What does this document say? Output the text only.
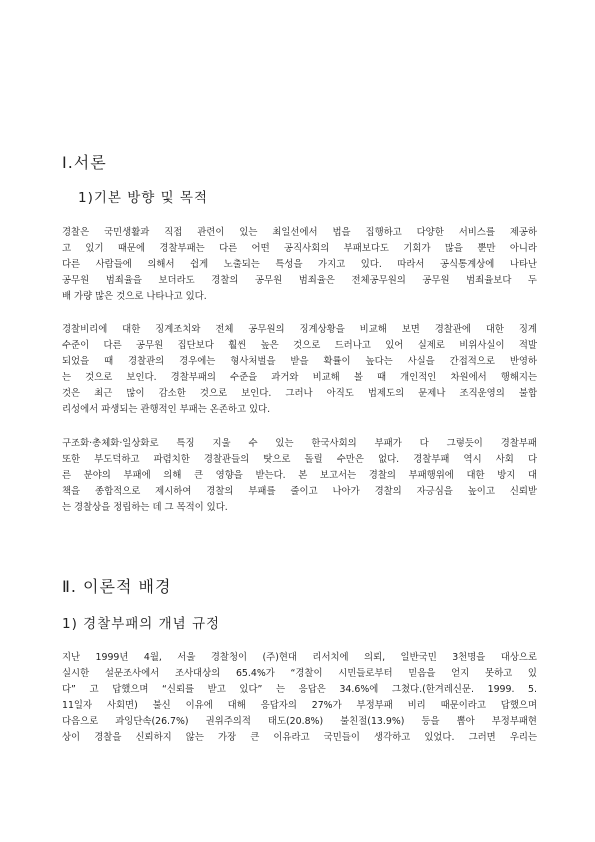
Ⅰ.서론
1)기본 방향 및 목적
경찰은 국민생활과 직접 관련이 있는 최일선에서 법을 집행하고 다양한 서비스를 제공하
고 있기 때문에 경찰부패는 다른 어떤 공직사회의 부패보다도 기회가 많을 뿐만 아니라
다른 사람들에 의해서 쉽게 노출되는 특성을 가지고 있다. 따라서 공식통계상에 나타난
공무원 범죄율을 보더라도 경찰의 공무원 범죄율은 전체공무원의 공무원 범죄율보다 두
배 가량 많은 것으로 나타나고 있다.
경찰비리에 대한 징계조치와 전체 공무원의 징계상황을 비교해 보면 경찰관에 대한 징계
수준이 다른 공무원 집단보다 훨씬 높은 것으로 드러나고 있어 실제로 비위사실이 적발
되었을 때 경찰관의 경우에는 형사처벌을 받을 확률이 높다는 사실을 간접적으로 반영하
는 것으로 보인다. 경찰부패의 수준을 과거와 비교해 볼 때 개인적인 차원에서 행해지는
것은 최근 많이 감소한 것으로 보인다. 그러나 아직도 법제도의 문제나 조직운영의 불합
리성에서 파생되는 관행적인 부패는 온존하고 있다.
구조화·총체화·일상화로 특징 지울 수 있는 한국사회의 부패가 다 그렇듯이 경찰부패
또한 부도덕하고 파렴치한 경찰관들의 탓으로 돌릴 수만은 없다. 경찰부패 역시 사회 다
른 분야의 부패에 의해 큰 영향을 받는다. 본 보고서는 경찰의 부패행위에 대한 방지 대
책을 종합적으로 제시하여 경찰의 부패를 줄이고 나아가 경찰의 자긍심을 높이고 신뢰받
는 경찰상을 정립하는 데 그 목적이 있다.
Ⅱ. 이론적 배경
1) 경찰부패의 개념 규정
지난 1999년 4월, 서울 경찰청이 (주)현대 리서치에 의뢰, 일반국민 3천명을 대상으로
실시한 설문조사에서 조사대상의 65.4%가 “경찰이 시민들로부터 믿음을 얻지 못하고 있
다” 고 답했으며 “신뢰를 받고 있다” 는 응답은 34.6%에 그쳤다.(한겨레신문. 1999. 5.
11일자 사회면) 불신 이유에 대해 응답자의 27%가 부정부패 비리 때문이라고 답했으며
다음으로 과잉단속(26.7%) 권위주의적 태도(20.8%) 불친절(13.9%) 등을 뽑아 부정부패현
상이 경찰을 신뢰하지 않는 가장 큰 이유라고 국민들이 생각하고 있었다. 그러면 우리는
